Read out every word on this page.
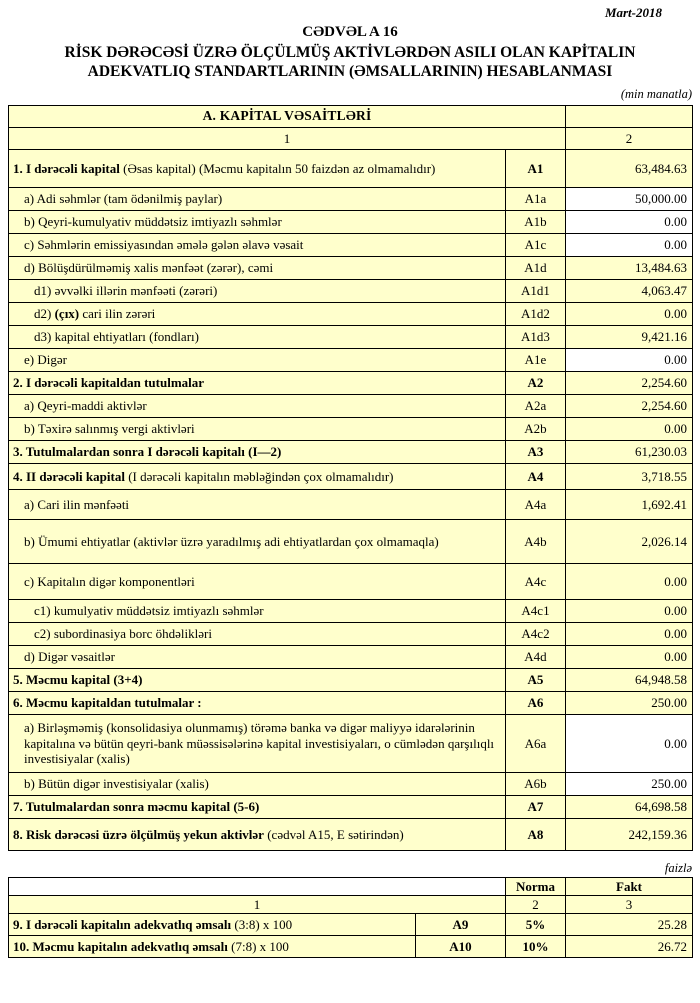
Mart-2018
CƏDVƏL A 16
RİSK DƏRƏCƏSİ ÜZRƏ ÖLÇÜLMÜŞ AKTİVLƏRDƏN ASILI OLAN KAPİTALIN
ADEKVATLIQ STANDARTLARININ (ƏMSALLARININ) HESABLANMASI
(min manatla)
A. KAPİTAL VƏSAİTLƏRİ		
1		2
1. I dərəcəli kapital (Əsas kapital) (Məcmu kapitalın 50 faizdən az olmamalıdır)	A1	63,484.63
a) Adi səhmlər (tam ödənilmiş paylar)	A1a	50,000.00
b) Qeyri-kumulyativ müddətsiz imtiyazlı səhmlər	A1b	0.00
c) Səhmlərin emissiyasından əmələ gələn əlavə vəsait	A1c	0.00
d) Bölüşdürülməmiş xalis mənfəət (zərər), cəmi	A1d	13,484.63
d1) əvvəlki illərin mənfəəti (zərəri)	A1d1	4,063.47
d2) (çıx) cari ilin zərəri	A1d2	0.00
d3) kapital ehtiyatları (fondları)	A1d3	9,421.16
e) Digər	A1e	0.00
2. I dərəcəli kapitaldan tutulmalar	A2	2,254.60
a) Qeyri-maddi aktivlər	A2a	2,254.60
b) Təxirə salınmış vergi aktivləri	A2b	0.00
3. Tutulmalardan sonra I dərəcəli kapitalı (I—2)	A3	61,230.03
4. II dərəcəli kapital (I dərəcəli kapitalın məbləğindən çox olmamalıdır)	A4	3,718.55
a) Cari ilin mənfəəti	A4a	1,692.41
b) Ümumi ehtiyatlar (aktivlər üzrə yaradılmış adi ehtiyatlardan çox olmamaqla)	A4b	2,026.14
c) Kapitalın digər komponentləri	A4c	0.00
c1) kumulyativ müddətsiz imtiyazlı səhmlər	A4c1	0.00
c2) subordinasiya borc öhdəlikləri	A4c2	0.00
d) Digər vəsaitlər	A4d	0.00
5. Məcmu kapital (3+4)	A5	64,948.58
6. Məcmu kapitaldan tutulmalar :	A6	250.00
a) Birləşməmiş (konsolidasiya olunmamış) törəmə banka və digər maliyyə idarələrinin kapitalına və bütün qeyri-bank müəssisələrinə kapital investisiyaları, o cümlədən qarşılıqlı investisiyalar (xalis)	A6a	0.00
b) Bütün digər investisiyalar (xalis)	A6b	250.00
7. Tutulmalardan sonra məcmu kapital (5-6)	A7	64,698.58
8. Risk dərəcəsi üzrə ölçülmüş yekun aktivlər (cədvəl A15, E sətirindən)	A8	242,159.36
faizlə
		Norma	Fakt
1		2	3
9. I dərəcəli kapitalın adekvatlıq əmsalı (3:8) x 100	A9	5%	25.28
10. Məcmu kapitalın adekvatlıq əmsalı (7:8) x 100	A10	10%	26.72
